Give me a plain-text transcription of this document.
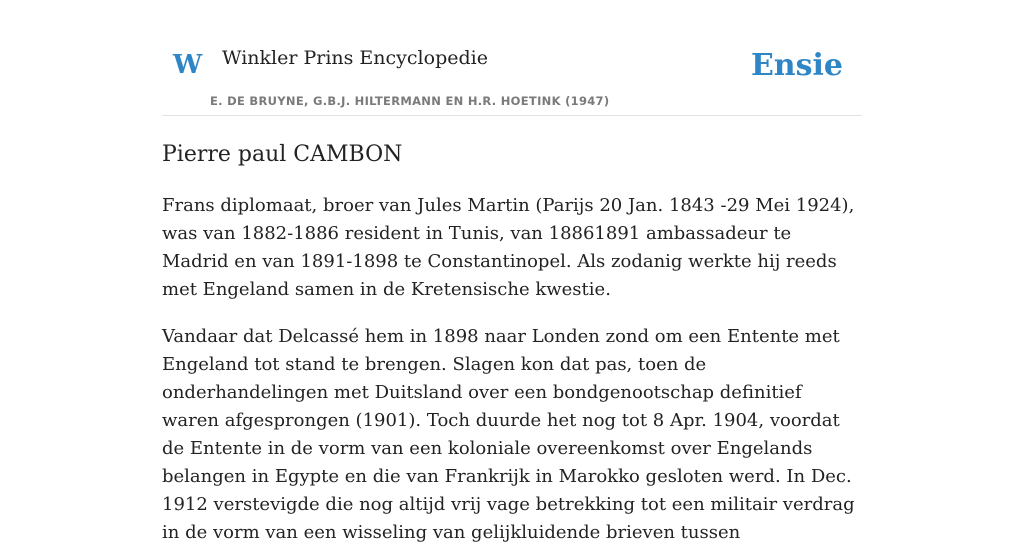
W Winkler Prins Encyclopedie
E. DE BRUYNE, G.B.J. HILTERMANN EN H.R. HOETINK (1947)
Ensie
Pierre paul CAMBON

Frans diplomaat, broer van Jules Martin (Parijs 20 Jan. 1843 -29 Mei 1924), was van 1882-1886 resident in Tunis, van 18861891 ambassadeur te Madrid en van 1891-1898 te Constantinopel. Als zodanig werkte hij reeds met Engeland samen in de Kretensische kwestie.

Vandaar dat Delcassé hem in 1898 naar Londen zond om een Entente met Engeland tot stand te brengen. Slagen kon dat pas, toen de onderhandelingen met Duitsland over een bondgenootschap definitief waren afgesprongen (1901). Toch duurde het nog tot 8 Apr. 1904, voordat de Entente in de vorm van een koloniale overeenkomst over Engelands belangen in Egypte en die van Frankrijk in Marokko gesloten werd. In Dec. 1912 verstevigde die nog altijd vrij vage betrekking tot een militair verdrag in de vorm van een wisseling van gelijkluidende brieven tussen
